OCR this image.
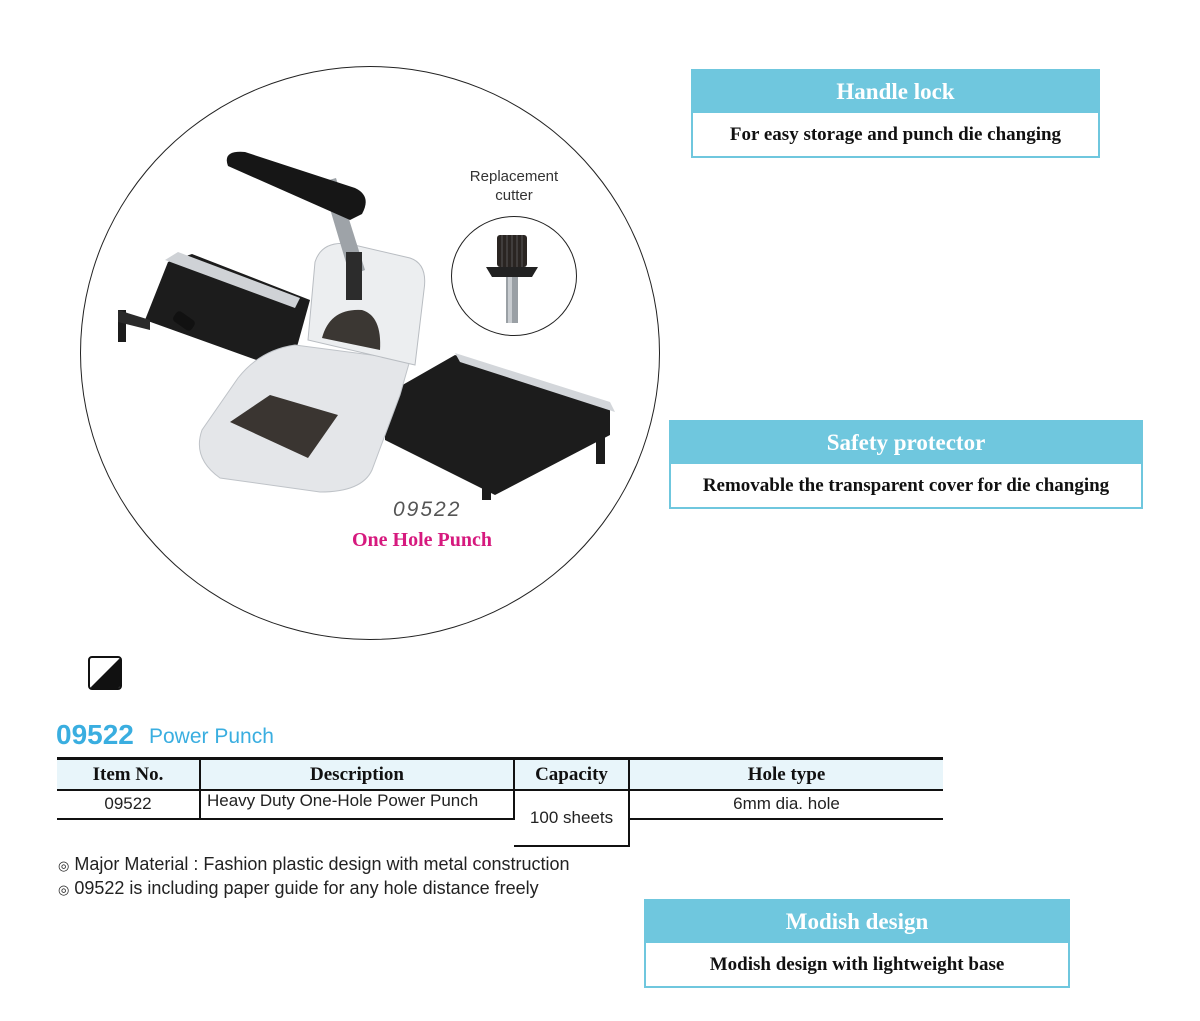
Replacement
cutter
09522
One Hole Punch
Handle lock
For easy storage and punch die changing
Safety protector
Removable the transparent cover for die changing
Modish design
Modish design with lightweight base
09522 Power Punch
Item No.	Description	Capacity	Hole type
09522	Heavy Duty One-Hole Power Punch	100 sheets	6mm dia. hole

◎ Major Material : Fashion plastic design with metal construction
◎ 09522 is including paper guide for any hole distance freely
